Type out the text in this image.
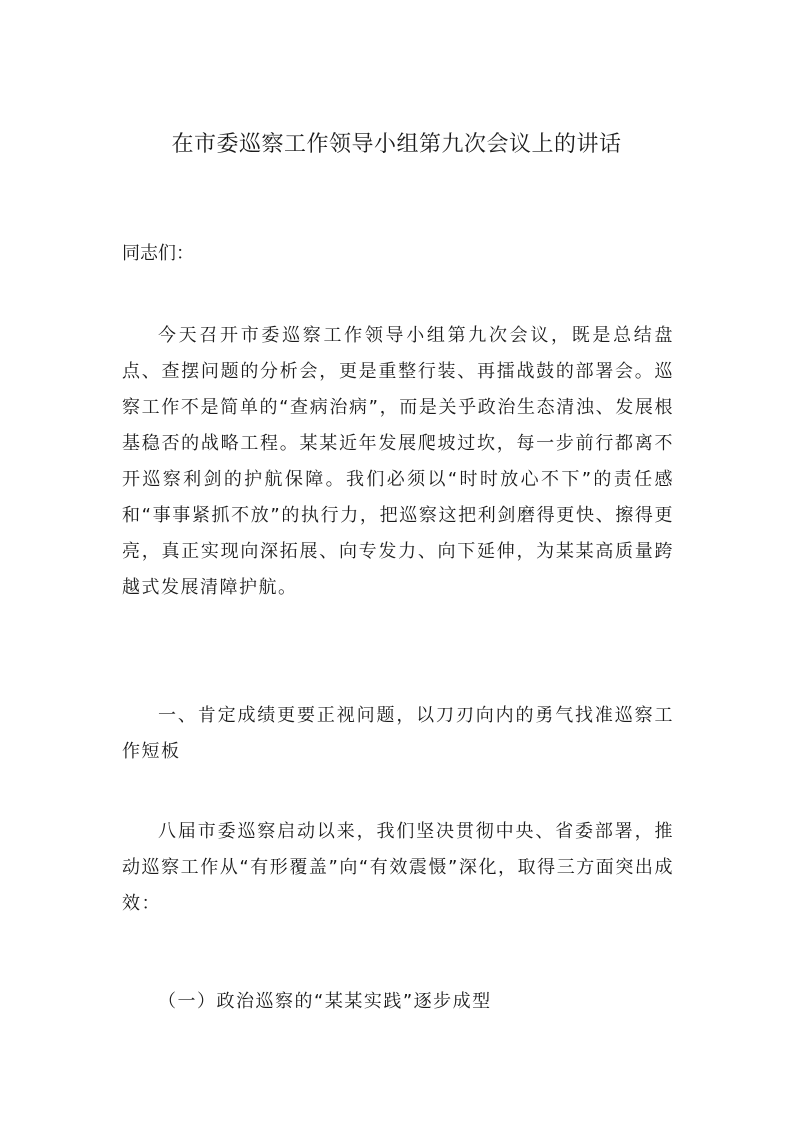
在市委巡察工作领导小组第九次会议上的讲话

同志们：

今天召开市委巡察工作领导小组第九次会议，既是总结盘点、查摆问题的分析会，更是重整行装、再擂战鼓的部署会。巡察工作不是简单的“查病治病”，而是关乎政治生态清浊、发展根基稳否的战略工程。某某近年发展爬坡过坎，每一步前行都离不开巡察利剑的护航保障。我们必须以“时时放心不下”的责任感和“事事紧抓不放”的执行力，把巡察这把利剑磨得更快、擦得更亮，真正实现向深拓展、向专发力、向下延伸，为某某高质量跨越式发展清障护航。

一、肯定成绩更要正视问题，以刀刃向内的勇气找准巡察工作短板

八届市委巡察启动以来，我们坚决贯彻中央、省委部署，推动巡察工作从“有形覆盖”向“有效震慑”深化，取得三方面突出成效：

（一）政治巡察的“某某实践”逐步成型
